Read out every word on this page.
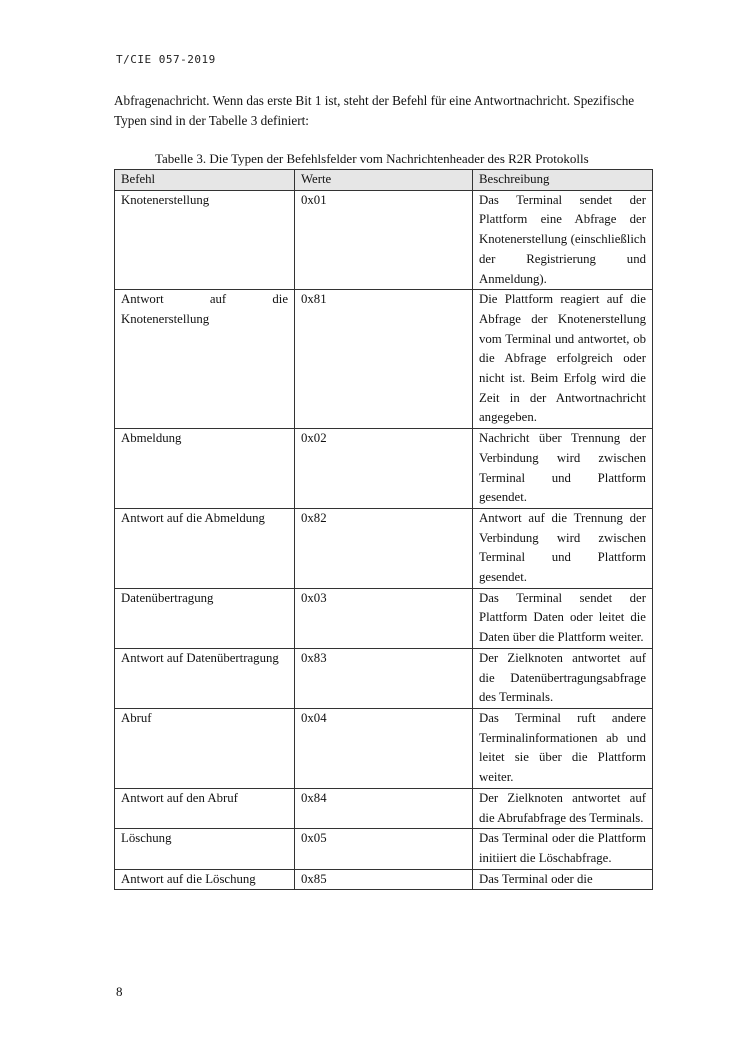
T/CIE 057-2019
Abfragenachricht. Wenn das erste Bit 1 ist, steht der Befehl für eine Antwortnachricht. Spezifische Typen sind in der Tabelle 3 definiert:
Tabelle 3. Die Typen der Befehlsfelder vom Nachrichtenheader des R2R Protokolls
Befehl	Werte	Beschreibung
Knotenerstellung	0x01	Das Terminal sendet der Plattform eine Abfrage der Knotenerstellung (einschließlich der Registrierung und Anmeldung).
Antwort auf die Knotenerstellung	0x81	Die Plattform reagiert auf die Abfrage der Knotenerstellung vom Terminal und antwortet, ob die Abfrage erfolgreich oder nicht ist. Beim Erfolg wird die Zeit in der Antwortnachricht angegeben.
Abmeldung	0x02	Nachricht über Trennung der Verbindung wird zwischen Terminal und Plattform gesendet.
Antwort auf die Abmeldung	0x82	Antwort auf die Trennung der Verbindung wird zwischen Terminal und Plattform gesendet.
Datenübertragung	0x03	Das Terminal sendet der Plattform Daten oder leitet die Daten über die Plattform weiter.
Antwort auf Datenübertragung	0x83	Der Zielknoten antwortet auf die Datenübertragungsabfrage des Terminals.
Abruf	0x04	Das Terminal ruft andere Terminalinformationen ab und leitet sie über die Plattform weiter.
Antwort auf den Abruf	0x84	Der Zielknoten antwortet auf die Abrufabfrage des Terminals.
Löschung	0x05	Das Terminal oder die Plattform initiiert die Löschabfrage.
Antwort auf die Löschung	0x85	Das Terminal oder die
8
